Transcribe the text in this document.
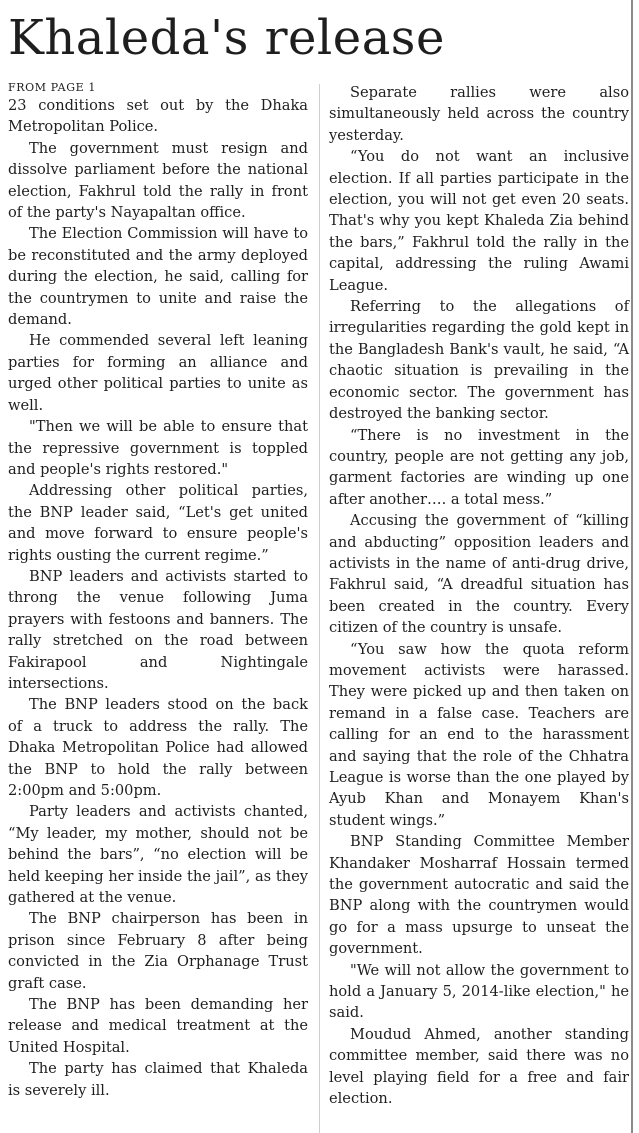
Khaleda's release
FROM PAGE 1

23 conditions set out by the Dhaka Metropolitan Police.

The government must resign and dissolve parliament before the national election, Fakhrul told the rally in front of the party's Nayapaltan office.

The Election Commission will have to be reconstituted and the army deployed during the election, he said, calling for the countrymen to unite and raise the demand.

He commended several left leaning parties for forming an alliance and urged other political parties to unite as well.

"Then we will be able to ensure that the repressive government is toppled and people's rights restored."

Addressing other political parties, the BNP leader said, “Let's get united and move forward to ensure people's rights ousting the current regime.”

BNP leaders and activists started to throng the venue following Juma prayers with festoons and banners. The rally stretched on the road between Fakirapool and Nightingale intersections.

The BNP leaders stood on the back of a truck to address the rally. The Dhaka Metropolitan Police had allowed the BNP to hold the rally between 2:00pm and 5:00pm.

Party leaders and activists chanted, “My leader, my mother, should not be behind the bars”, “no election will be held keeping her inside the jail”, as they gathered at the venue.

The BNP chairperson has been in prison since February 8 after being convicted in the Zia Orphanage Trust graft case.

The BNP has been demanding her release and medical treatment at the United Hospital.

The party has claimed that Khaleda is severely ill.

Separate rallies were also simultaneously held across the country yesterday.

“You do not want an inclusive election. If all parties participate in the election, you will not get even 20 seats. That's why you kept Khaleda Zia behind the bars,” Fakhrul told the rally in the capital, addressing the ruling Awami League.

Referring to the allegations of irregularities regarding the gold kept in the Bangladesh Bank's vault, he said, “A chaotic situation is prevailing in the economic sector. The government has destroyed the banking sector.

“There is no investment in the country, people are not getting any job, garment factories are winding up one after another…. a total mess.”

Accusing the government of “killing and abducting” opposition leaders and activists in the name of anti-drug drive, Fakhrul said, “A dreadful situation has been created in the country. Every citizen of the country is unsafe.

“You saw how the quota reform movement activists were harassed. They were picked up and then taken on remand in a false case. Teachers are calling for an end to the harassment and saying that the role of the Chhatra League is worse than the one played by Ayub Khan and Monayem Khan's student wings.”

BNP Standing Committee Member Khandaker Mosharraf Hossain termed the government autocratic and said the BNP along with the countrymen would go for a mass upsurge to unseat the government.

"We will not allow the government to hold a January 5, 2014-like election," he said.

Moudud Ahmed, another standing committee member, said there was no level playing field for a free and fair election.
